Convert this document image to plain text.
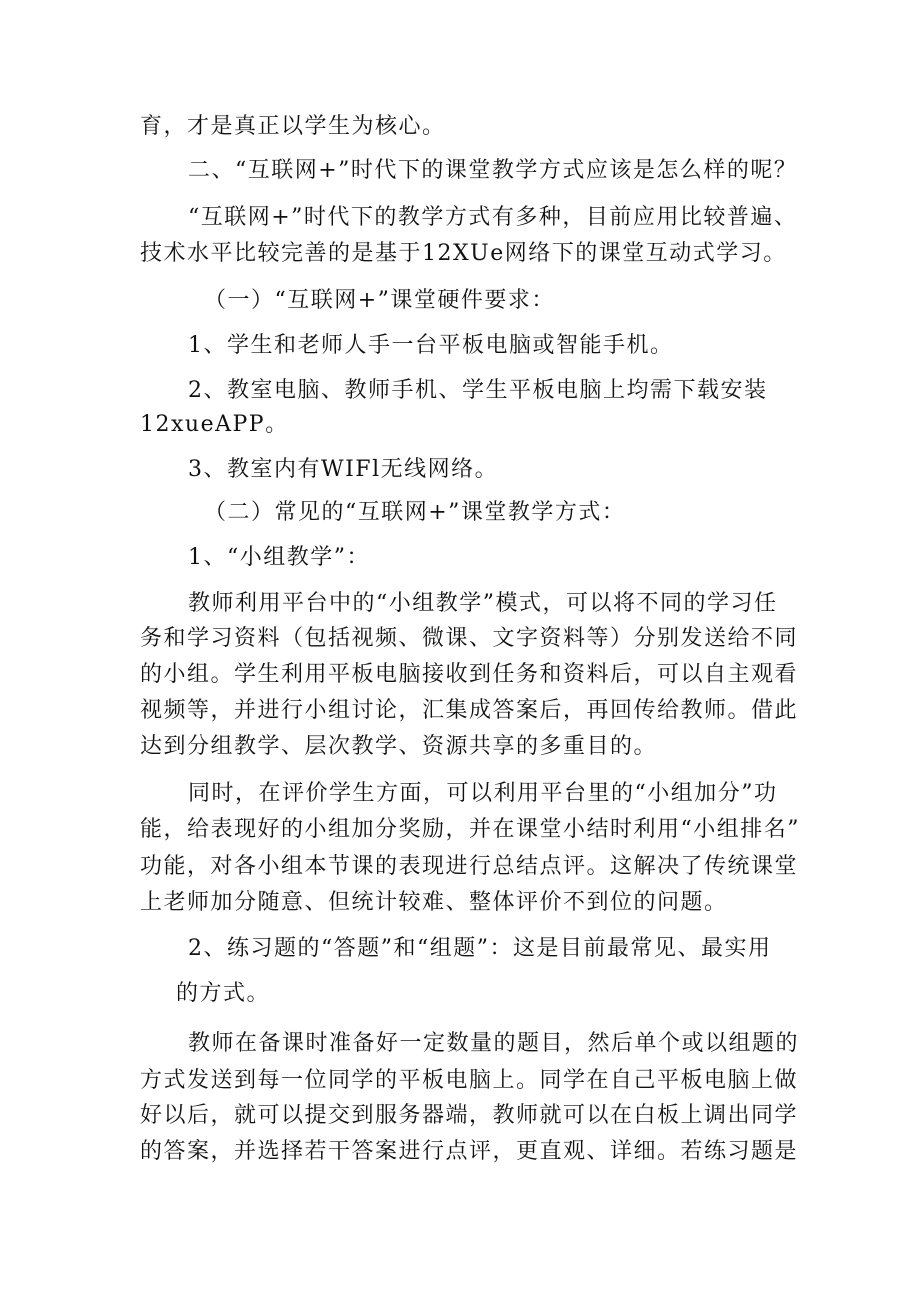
育，才是真正以学生为核心。
二、“互联网+”时代下的课堂教学方式应该是怎么样的呢？
“互联网+”时代下的教学方式有多种，目前应用比较普遍、
技术水平比较完善的是基于12XUe网络下的课堂互动式学习。
（一）“互联网+”课堂硬件要求：
1、学生和老师人手一台平板电脑或智能手机。
2、教室电脑、教师手机、学生平板电脑上均需下载安装
12xueAPP。
3、教室内有WIFl无线网络。
（二）常见的“互联网+”课堂教学方式：
1、“小组教学”：
教师利用平台中的“小组教学”模式，可以将不同的学习任
务和学习资料（包括视频、微课、文字资料等）分别发送给不同
的小组。学生利用平板电脑接收到任务和资料后，可以自主观看
视频等，并进行小组讨论，汇集成答案后，再回传给教师。借此
达到分组教学、层次教学、资源共享的多重目的。
同时，在评价学生方面，可以利用平台里的“小组加分”功
能，给表现好的小组加分奖励，并在课堂小结时利用“小组排名”
功能，对各小组本节课的表现进行总结点评。这解决了传统课堂
上老师加分随意、但统计较难、整体评价不到位的问题。
2、练习题的“答题”和“组题”：这是目前最常见、最实用
的方式。
教师在备课时准备好一定数量的题目，然后单个或以组题的
方式发送到每一位同学的平板电脑上。同学在自己平板电脑上做
好以后，就可以提交到服务器端，教师就可以在白板上调出同学
的答案，并选择若干答案进行点评，更直观、详细。若练习题是
